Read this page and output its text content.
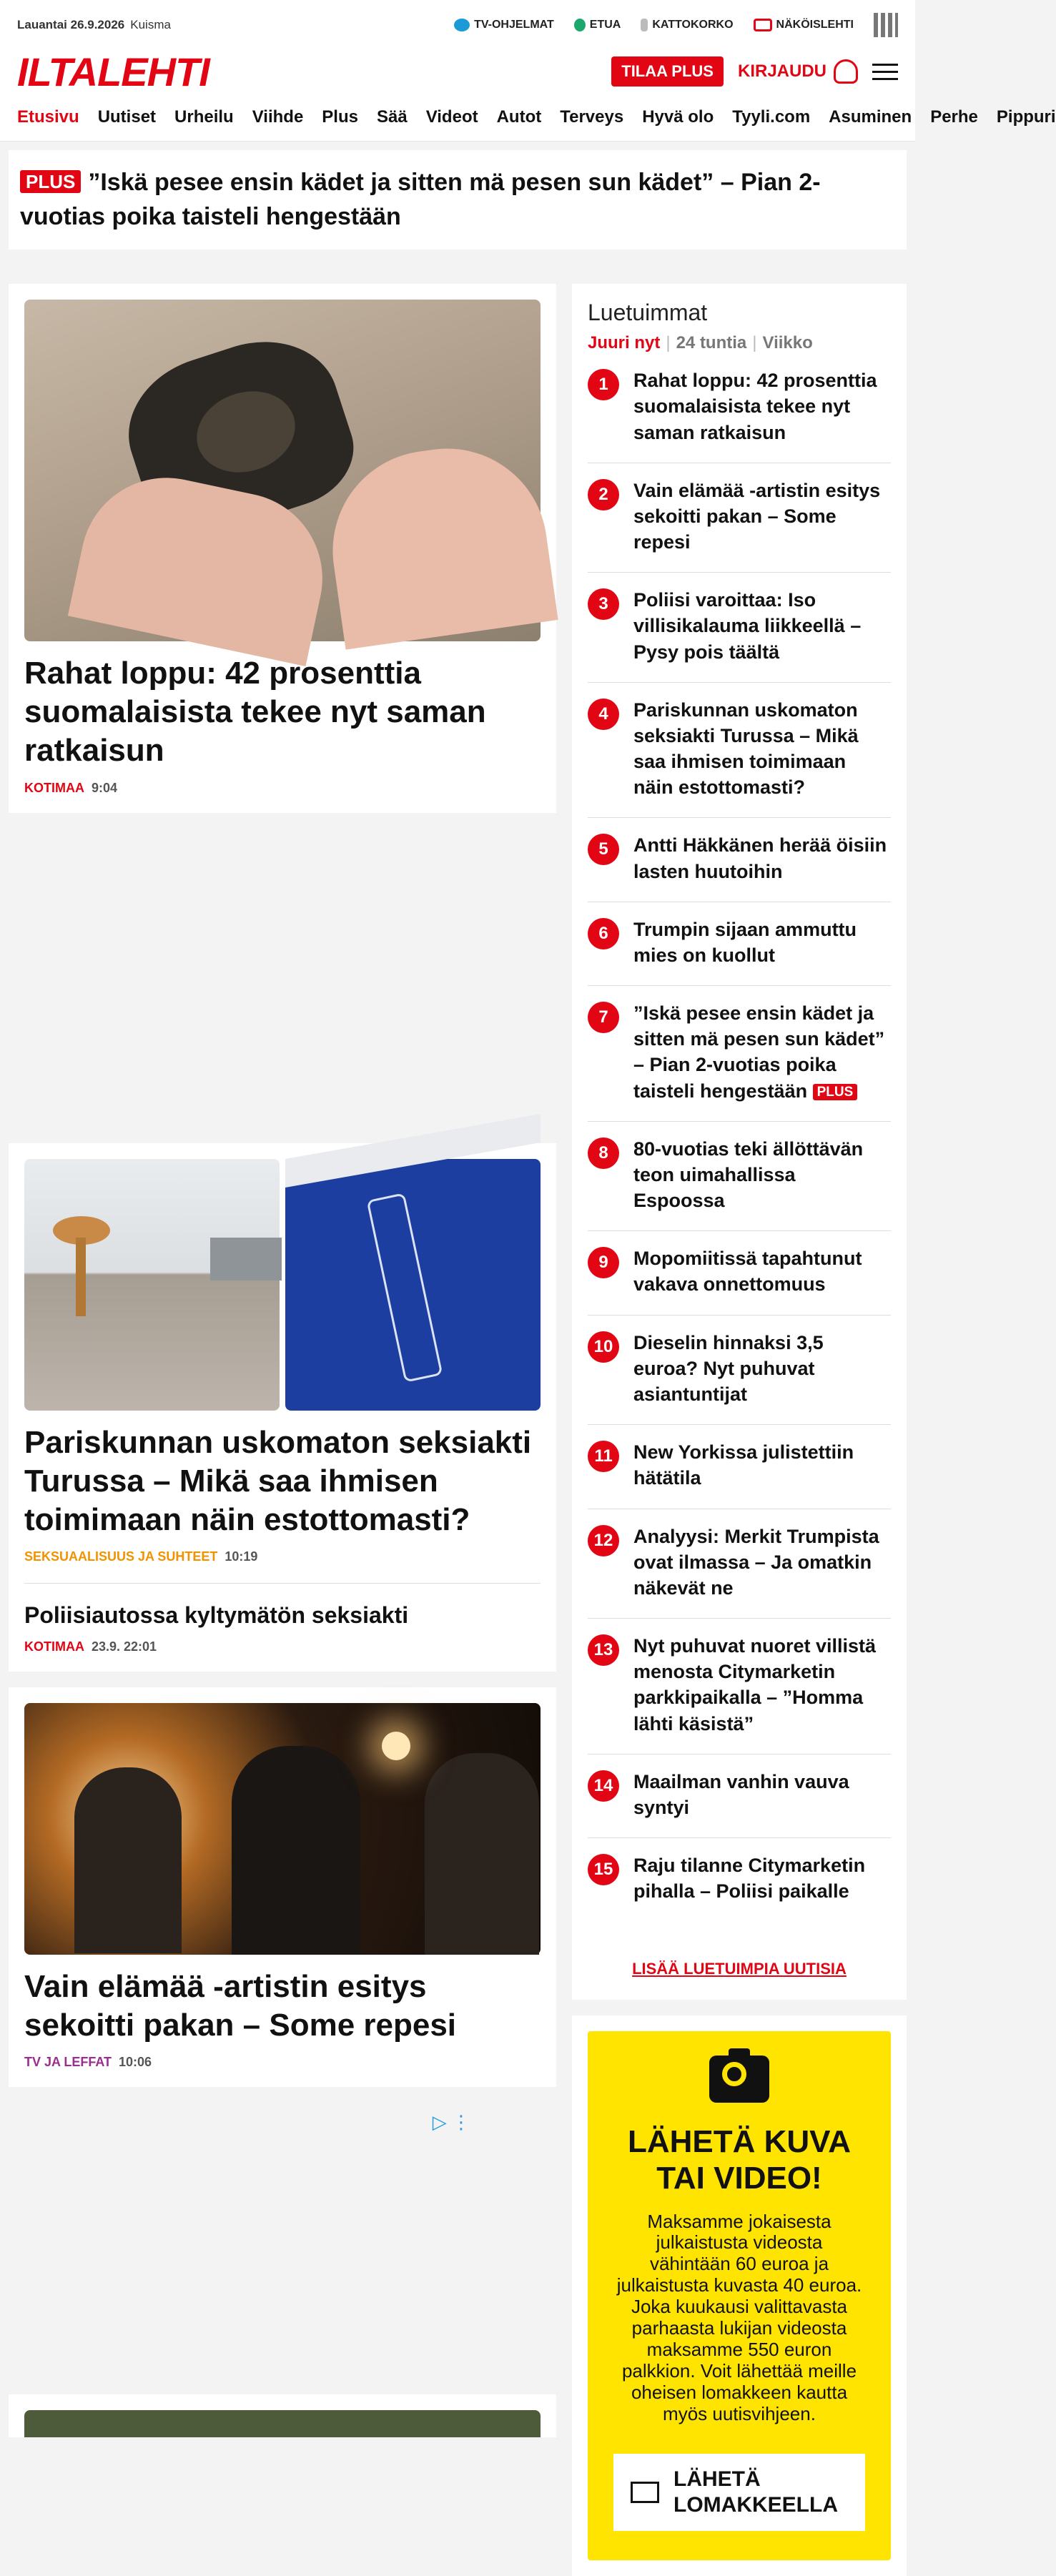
Lauantai 26.9.2026 Kuisma	TV-OHJELMAT	ETUA	KATTOKORKO	NÄKÖISLEHTI
ILTALEHTI	TILAA PLUS	KIRJAUDU
Etusivu Uutiset Urheilu Viihde Plus Sää Videot Autot Terveys Hyvä olo Tyyli.com Asuminen Perhe Pippuri
PLUS ”Iskä pesee ensin kädet ja sitten mä pesen sun kädet” – Pian 2-vuotias poika taisteli hengestään
Rahat loppu: 42 prosenttia suomalaisista tekee nyt saman ratkaisun
KOTIMAA 9:04
Pariskunnan uskomaton seksiakti Turussa – Mikä saa ihmisen toimimaan näin estottomasti?
SEKSUAALISUUS JA SUHTEET 10:19
Poliisiautossa kyltymätön seksiakti
KOTIMAA 23.9. 22:01
Vain elämää -artistin esitys sekoitti pakan – Some repesi
TV JA LEFFAT 10:06
▷ ⋮
Luetuimmat
Juuri nyt | 24 tuntia | Viikko
1	Rahat loppu: 42 prosenttia suomalaisista tekee nyt saman ratkaisun
2	Vain elämää -artistin esitys sekoitti pakan – Some repesi
3	Poliisi varoittaa: Iso villisikalauma liikkeellä – Pysy pois täältä
4	Pariskunnan uskomaton seksiakti Turussa – Mikä saa ihmisen toimimaan näin estottomasti?
5	Antti Häkkänen herää öisiin lasten huutoihin
6	Trumpin sijaan ammuttu mies on kuollut
7	”Iskä pesee ensin kädet ja sitten mä pesen sun kädet” – Pian 2-vuotias poika taisteli hengestään PLUS
8	80-vuotias teki ällöttävän teon uimahallissa Espoossa
9	Mopomiitissä tapahtunut vakava onnettomuus
10	Dieselin hinnaksi 3,5 euroa? Nyt puhuvat asiantuntijat
11	New Yorkissa julistettiin hätätila
12	Analyysi: Merkit Trumpista ovat ilmassa – Ja omatkin näkevät ne
13	Nyt puhuvat nuoret villistä menosta Citymarketin parkkipaikalla – ”Homma lähti käsistä”
14	Maailman vanhin vauva syntyi
15	Raju tilanne Citymarketin pihalla – Poliisi paikalle
LISÄÄ LUETUIMPIA UUTISIA
LÄHETÄ KUVA TAI VIDEO!

Maksamme jokaisesta julkaistusta videosta vähintään 60 euroa ja julkaistusta kuvasta 40 euroa. Joka kuukausi valittavasta parhaasta lukijan videosta maksamme 550 euron palkkion. Voit lähettää meille oheisen lomakkeen kautta myös uutisvihjeen.

LÄHETÄ LOMAKKEELLA
